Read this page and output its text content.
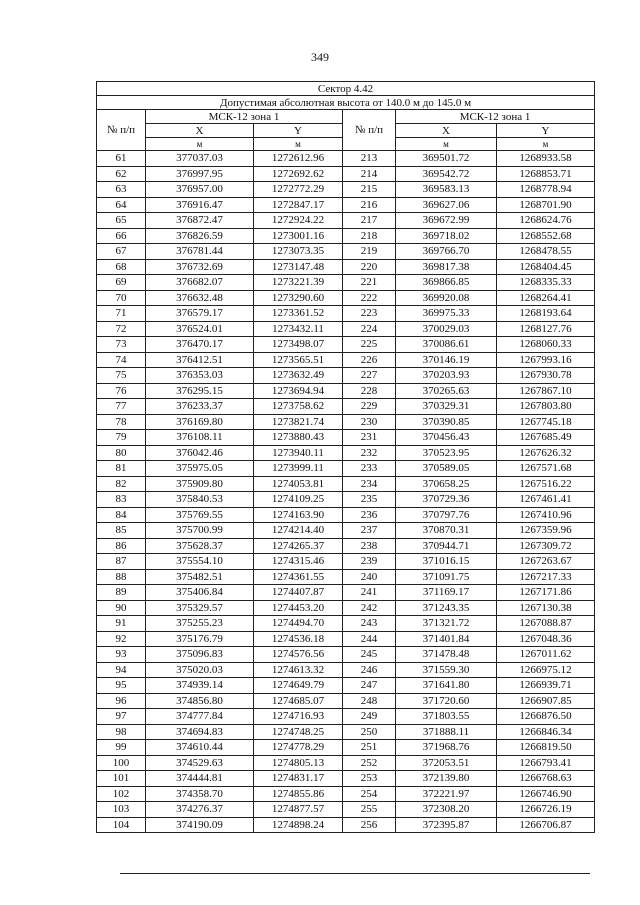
349
Сектор 4.42					
Допустимая абсолютная высота от 140.0 м до 145.0 м					
№ п/п	МСК-12 зона 1		№ п/п	МСК-12 зона 1	
	X	Y		X	Y
	м	м		м	м
61	377037.03	1272612.96	213	369501.72	1268933.58
62	376997.95	1272692.62	214	369542.72	1268853.71
63	376957.00	1272772.29	215	369583.13	1268778.94
64	376916.47	1272847.17	216	369627.06	1268701.90
65	376872.47	1272924.22	217	369672.99	1268624.76
66	376826.59	1273001.16	218	369718.02	1268552.68
67	376781.44	1273073.35	219	369766.70	1268478.55
68	376732.69	1273147.48	220	369817.38	1268404.45
69	376682.07	1273221.39	221	369866.85	1268335.33
70	376632.48	1273290.60	222	369920.08	1268264.41
71	376579.17	1273361.52	223	369975.33	1268193.64
72	376524.01	1273432.11	224	370029.03	1268127.76
73	376470.17	1273498.07	225	370086.61	1268060.33
74	376412.51	1273565.51	226	370146.19	1267993.16
75	376353.03	1273632.49	227	370203.93	1267930.78
76	376295.15	1273694.94	228	370265.63	1267867.10
77	376233.37	1273758.62	229	370329.31	1267803.80
78	376169.80	1273821.74	230	370390.85	1267745.18
79	376108.11	1273880.43	231	370456.43	1267685.49
80	376042.46	1273940.11	232	370523.95	1267626.32
81	375975.05	1273999.11	233	370589.05	1267571.68
82	375909.80	1274053.81	234	370658.25	1267516.22
83	375840.53	1274109.25	235	370729.36	1267461.41
84	375769.55	1274163.90	236	370797.76	1267410.96
85	375700.99	1274214.40	237	370870.31	1267359.96
86	375628.37	1274265.37	238	370944.71	1267309.72
87	375554.10	1274315.46	239	371016.15	1267263.67
88	375482.51	1274361.55	240	371091.75	1267217.33
89	375406.84	1274407.87	241	371169.17	1267171.86
90	375329.57	1274453.20	242	371243.35	1267130.38
91	375255.23	1274494.70	243	371321.72	1267088.87
92	375176.79	1274536.18	244	371401.84	1267048.36
93	375096.83	1274576.56	245	371478.48	1267011.62
94	375020.03	1274613.32	246	371559.30	1266975.12
95	374939.14	1274649.79	247	371641.80	1266939.71
96	374856.80	1274685.07	248	371720.60	1266907.85
97	374777.84	1274716.93	249	371803.55	1266876.50
98	374694.83	1274748.25	250	371888.11	1266846.34
99	374610.44	1274778.29	251	371968.76	1266819.50
100	374529.63	1274805.13	252	372053.51	1266793.41
101	374444.81	1274831.17	253	372139.80	1266768.63
102	374358.70	1274855.86	254	372221.97	1266746.90
103	374276.37	1274877.57	255	372308.20	1266726.19
104	374190.09	1274898.24	256	372395.87	1266706.87
